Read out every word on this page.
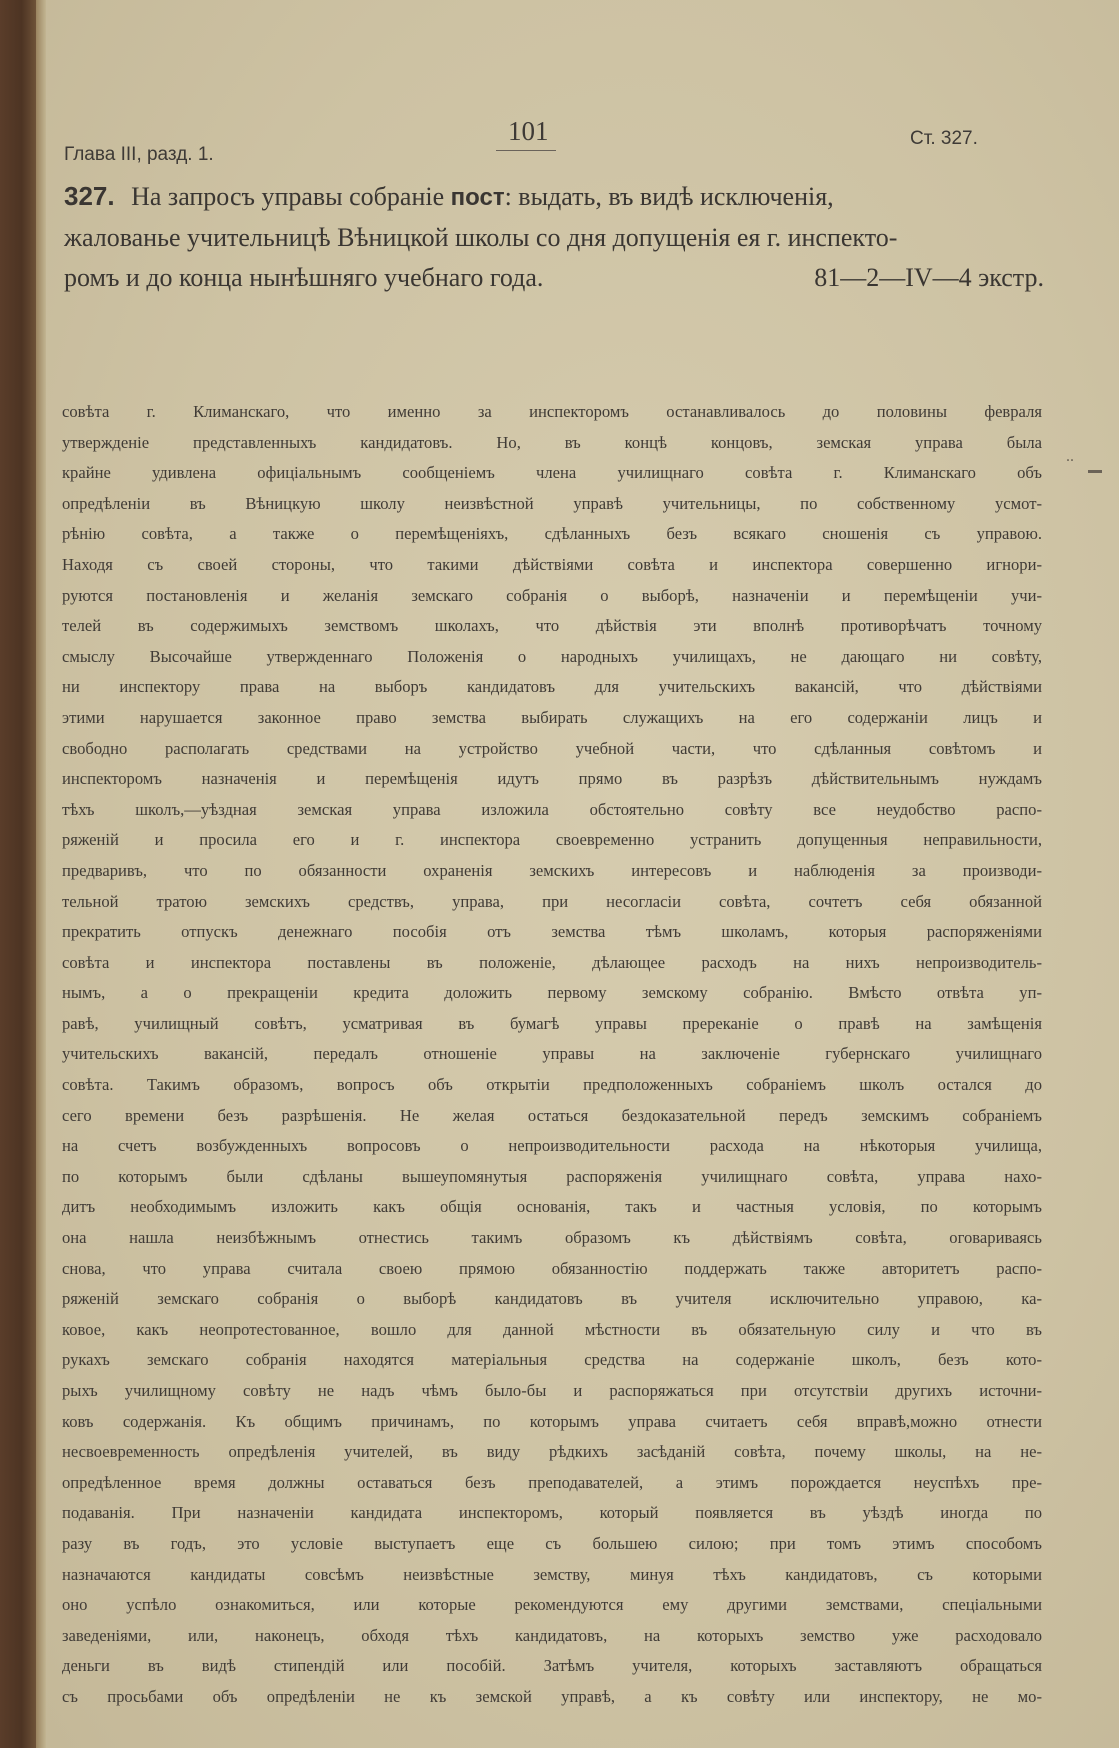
Глава III, разд. 1.
101	Ст. 327.
327. На запросъ управы собраніе пост: выдать, въ видѣ исключенія,
жалованье учительницѣ Вѣницкой школы со дня допущенія ея г. инспекто-
ромъ и до конца нынѣшняго учебнаго года.	81—2—IV—4 экстр.
совѣта г. Климанскаго, что именно за инспекторомъ останавливалось до половины февраля
утвержденіе представленныхъ кандидатовъ. Но, въ концѣ концовъ, земская управа была
крайне удивлена офиціальнымъ сообщеніемъ члена училищнаго совѣта г. Климанскаго объ
опредѣленіи въ Вѣницкую школу неизвѣстной управѣ учительницы, по собственному усмот-
рѣнію совѣта, а также о перемѣщеніяхъ, сдѣланныхъ безъ всякаго сношенія съ управою.
Находя съ своей стороны, что такими дѣйствіями совѣта и инспектора совершенно игнори-
руются постановленія и желанія земскаго собранія о выборѣ, назначеніи и перемѣщеніи учи-
телей въ содержимыхъ земствомъ школахъ, что дѣйствія эти вполнѣ противорѣчатъ точному
смыслу Высочайше утвержденнаго Положенія о народныхъ училищахъ, не дающаго ни совѣту,
ни инспектору права на выборъ кандидатовъ для учительскихъ вакансій, что дѣйствіями
этими нарушается законное право земства выбирать служащихъ на его содержаніи лицъ и
свободно располагать средствами на устройство учебной части, что сдѣланныя совѣтомъ и
инспекторомъ назначенія и перемѣщенія идутъ прямо въ разрѣзъ дѣйствительнымъ нуждамъ
тѣхъ школъ,—уѣздная земская управа изложила обстоятельно совѣту все неудобство распо-
ряженій и просила его и г. инспектора своевременно устранить допущенныя неправильности,
предваривъ, что по обязанности охраненія земскихъ интересовъ и наблюденія за производи-
тельной тратою земскихъ средствъ, управа, при несогласіи совѣта, сочтетъ себя обязанной
прекратить отпускъ денежнаго пособія отъ земства тѣмъ школамъ, которыя распоряженіями
совѣта и инспектора поставлены въ положеніе, дѣлающее расходъ на нихъ непроизводитель-
нымъ, а о прекращеніи кредита доложить первому земскому собранію. Вмѣсто отвѣта уп-
равѣ, училищный совѣтъ, усматривая въ бумагѣ управы пререканіе о правѣ на замѣщенія
учительскихъ вакансій, передалъ отношеніе управы на заключеніе губернскаго училищнаго
совѣта. Такимъ образомъ, вопросъ объ открытіи предположенныхъ собраніемъ школъ остался до
сего времени безъ разрѣшенія. Не желая остаться бездоказательной передъ земскимъ собраніемъ
на счетъ возбужденныхъ вопросовъ о непроизводительности расхода на нѣкоторыя училища,
по которымъ были сдѣланы вышеупомянутыя распоряженія училищнаго совѣта, управа нахо-
дитъ необходимымъ изложить какъ общія основанія, такъ и частныя условія, по которымъ
она нашла неизбѣжнымъ отнестись такимъ образомъ къ дѣйствіямъ совѣта, оговариваясь
снова, что управа считала своею прямою обязанностію поддержать также авторитетъ распо-
ряженій земскаго собранія о выборѣ кандидатовъ въ учителя исключительно управою, ка-
ковое, какъ неопротестованное, вошло для данной мѣстности въ обязательную силу и что въ
рукахъ земскаго собранія находятся матеріальныя средства на содержаніе школъ, безъ кото-
рыхъ училищному совѣту не надъ чѣмъ было-бы и распоряжаться при отсутствіи другихъ источни-
ковъ содержанія. Къ общимъ причинамъ, по которымъ управа считаетъ себя вправѣ,можно отнести
несвоевременность опредѣленія учителей, въ виду рѣдкихъ засѣданій совѣта, почему школы, на не-
опредѣленное время должны оставаться безъ преподавателей, а этимъ порождается неуспѣхъ пре-
подаванія. При назначеніи кандидата инспекторомъ, который появляется въ уѣздѣ иногда по
разу въ годъ, это условіе выступаетъ еще съ большею силою; при томъ этимъ способомъ
назначаются кандидаты совсѣмъ неизвѣстные земству, минуя тѣхъ кандидатовъ, съ которыми
оно успѣло ознакомиться, или которые рекомендуются ему другими земствами, спеціальными
заведеніями, или, наконецъ, обходя тѣхъ кандидатовъ, на которыхъ земство уже расходовало
деньги въ видѣ стипендій или пособій. Затѣмъ учителя, которыхъ заставляютъ обращаться
съ просьбами объ опредѣленіи не къ земской управѣ, а къ совѣту или инспектору, не мо-
..
